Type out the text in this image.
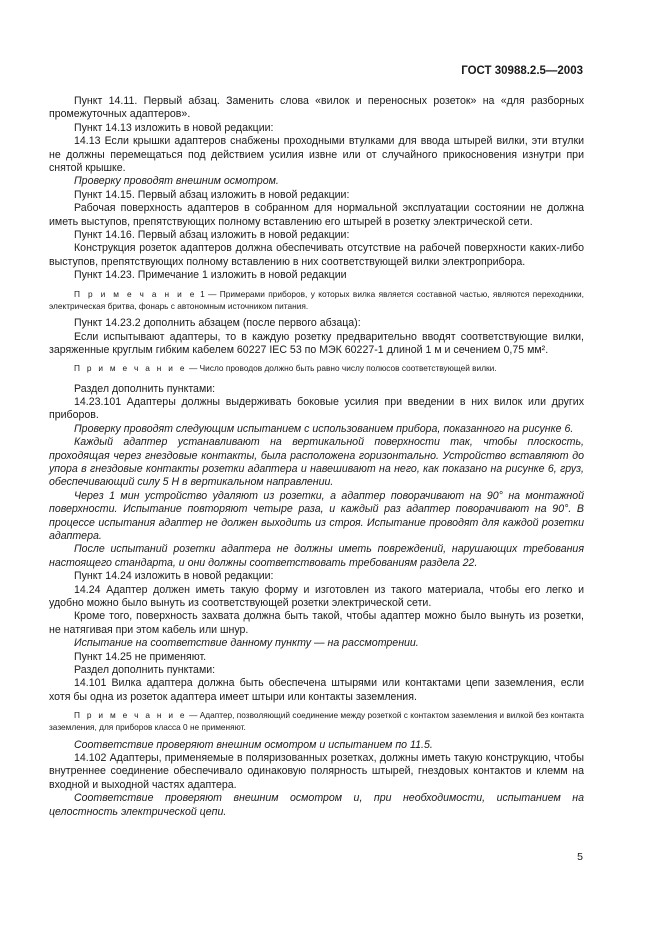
ГОСТ 30988.2.5—2003

Пункт 14.11. Первый абзац. Заменить слова «вилок и переносных розеток» на «для разборных промежуточных адаптеров».

Пункт 14.13 изложить в новой редакции:

14.13 Если крышки адаптеров снабжены проходными втулками для ввода штырей вилки, эти втулки не должны перемещаться под действием усилия извне или от случайного прикосновения изнутри при снятой крышке.

Проверку проводят внешним осмотром.

Пункт 14.15. Первый абзац изложить в новой редакции:

Рабочая поверхность адаптеров в собранном для нормальной эксплуатации состоянии не должна иметь выступов, препятствующих полному вставлению его штырей в розетку электрической сети.

Пункт 14.16. Первый абзац изложить в новой редакции:

Конструкция розеток адаптеров должна обеспечивать отсутствие на рабочей поверхности каких-либо выступов, препятствующих полному вставлению в них соответствующей вилки электроприбора.

Пункт 14.23. Примечание 1 изложить в новой редакции

П р и м е ч а н и е 1 — Примерами приборов, у которых вилка является составной частью, являются переходники, электрическая бритва, фонарь с автономным источником питания.

Пункт 14.23.2 дополнить абзацем (после первого абзаца):

Если испытывают адаптеры, то в каждую розетку предварительно вводят соответствующие вилки, заряженные круглым гибким кабелем 60227 IEC 53 по МЭК 60227-1 длиной 1 м и сечением 0,75 мм².

П р и м е ч а н и е — Число проводов должно быть равно числу полюсов соответствующей вилки.

Раздел дополнить пунктами:

14.23.101 Адаптеры должны выдерживать боковые усилия при введении в них вилок или других приборов.

Проверку проводят следующим испытанием с использованием прибора, показанного на рисунке 6.

Каждый адаптер устанавливают на вертикальной поверхности так, чтобы плоскость, проходящая через гнездовые контакты, была расположена горизонтально. Устройство вставляют до упора в гнездовые контакты розетки адаптера и навешивают на него, как показано на рисунке 6, груз, обеспечивающий силу 5 Н в вертикальном направлении.

Через 1 мин устройство удаляют из розетки, а адаптер поворачивают на 90° на монтажной поверхности. Испытание повторяют четыре раза, и каждый раз адаптер поворачивают на 90°. В процессе испытания адаптер не должен выходить из строя. Испытание проводят для каждой розетки адаптера.

После испытаний розетки адаптера не должны иметь повреждений, нарушающих требования настоящего стандарта, и они должны соответствовать требованиям раздела 22.

Пункт 14.24 изложить в новой редакции:

14.24 Адаптер должен иметь такую форму и изготовлен из такого материала, чтобы его легко и удобно можно было вынуть из соответствующей розетки электрической сети.

Кроме того, поверхность захвата должна быть такой, чтобы адаптер можно было вынуть из розетки, не натягивая при этом кабель или шнур.

Испытание на соответствие данному пункту — на рассмотрении.

Пункт 14.25 не применяют.

Раздел дополнить пунктами:

14.101 Вилка адаптера должна быть обеспечена штырями или контактами цепи заземления, если хотя бы одна из розеток адаптера имеет штыри или контакты заземления.

П р и м е ч а н и е — Адаптер, позволяющий соединение между розеткой с контактом заземления и вилкой без контакта заземления, для приборов класса 0 не применяют.

Соответствие проверяют внешним осмотром и испытанием по 11.5.

14.102 Адаптеры, применяемые в поляризованных розетках, должны иметь такую конструкцию, чтобы внутреннее соединение обеспечивало одинаковую полярность штырей, гнездовых контактов и клемм на входной и выходной частях адаптера.

Соответствие проверяют внешним осмотром и, при необходимости, испытанием на целостность электрической цепи.

5
